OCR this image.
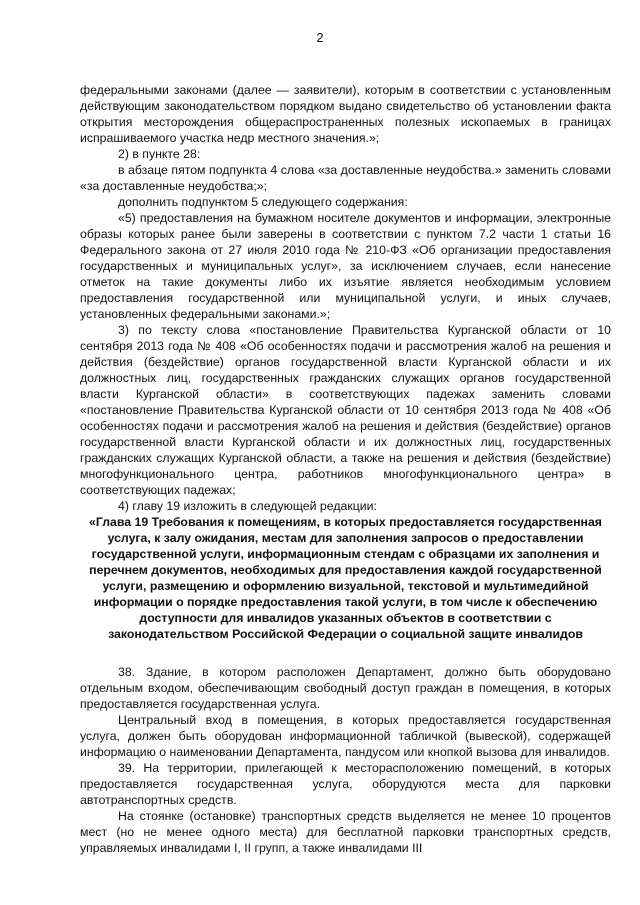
2

федеральными законами (далее — заявители), которым в соответствии с установленным действующим законодательством порядком выдано свидетельство об установлении факта открытия месторождения общераспространенных полезных ископаемых в границах испрашиваемого участка недр местного значения.»;

2) в пункте 28:

в абзаце пятом подпункта 4 слова «за доставленные неудобства.» заменить словами «за доставленные неудобства;»;

дополнить подпунктом 5 следующего содержания:

«5) предоставления на бумажном носителе документов и информации, электронные образы которых ранее были заверены в соответствии с пунктом 7.2 части 1 статьи 16 Федерального закона от 27 июля 2010 года № 210-ФЗ «Об организации предоставления государственных и муниципальных услуг», за исключением случаев, если нанесение отметок на такие документы либо их изъятие является необходимым условием предоставления государственной или муниципальной услуги, и иных случаев, установленных федеральными законами.»;

3) по тексту слова «постановление Правительства Курганской области от 10 сентября 2013 года № 408 «Об особенностях подачи и рассмотрения жалоб на решения и действия (бездействие) органов государственной власти Курганской области и их должностных лиц, государственных гражданских служащих органов государственной власти Курганской области» в соответствующих падежах заменить словами «постановление Правительства Курганской области от 10 сентября 2013 года № 408 «Об особенностях подачи и рассмотрения жалоб на решения и действия (бездействие) органов государственной власти Курганской области и их должностных лиц, государственных гражданских служащих Курганской области, а также на решения и действия (бездействие) многофункционального центра, работников многофункционального центра» в соответствующих падежах;

4) главу 19 изложить в следующей редакции:

«Глава 19 Требования к помещениям, в которых предоставляется государственная услуга, к залу ожидания, местам для заполнения запросов о предоставлении государственной услуги, информационным стендам с образцами их заполнения и перечнем документов, необходимых для предоставления каждой государственной услуги, размещению и оформлению визуальной, текстовой и мультимедийной информации о порядке предоставления такой услуги, в том числе к обеспечению доступности для инвалидов указанных объектов в соответствии с законодательством Российской Федерации о социальной защите инвалидов

38. Здание, в котором расположен Департамент, должно быть оборудовано отдельным входом, обеспечивающим свободный доступ граждан в помещения, в которых предоставляется государственная услуга.

Центральный вход в помещения, в которых предоставляется государственная услуга, должен быть оборудован информационной табличкой (вывеской), содержащей информацию о наименовании Департамента, пандусом или кнопкой вызова для инвалидов.

39. На территории, прилегающей к месторасположению помещений, в которых предоставляется государственная услуга, оборудуются места для парковки автотранспортных средств.

На стоянке (остановке) транспортных средств выделяется не менее 10 процентов мест (но не менее одного места) для бесплатной парковки транспортных средств, управляемых инвалидами I, II групп, а также инвалидами III
